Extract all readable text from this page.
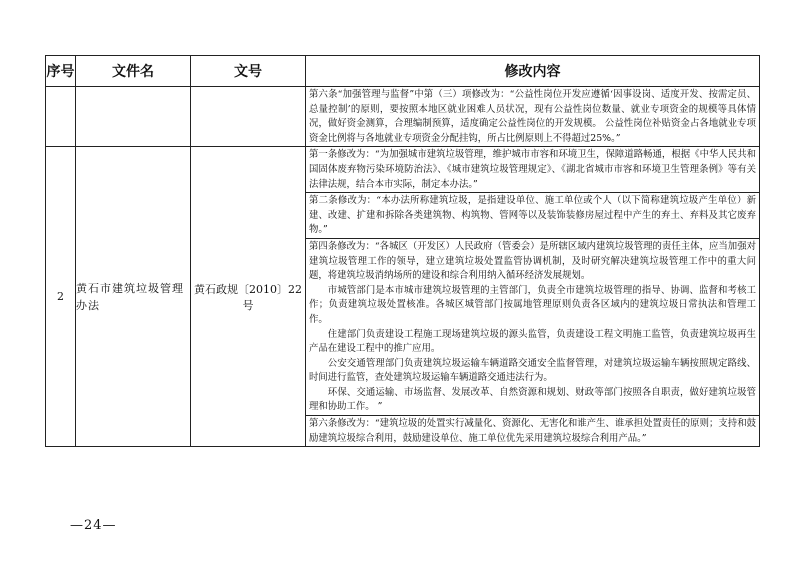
序号	文件名	文号	修改内容

			第六条“加强管理与监督”中第（三）项修改为：“公益性岗位开发应遵循‘因事设岗、适度开发、按需定员、总量控制’的原则，要按照本地区就业困难人员状况，现有公益性岗位数量、就业专项资金的规模等具体情况，做好资金测算，合理编制预算，适度确定公益性岗位的开发规模。 公益性岗位补贴资金占各地就业专项资金比例将与各地就业专项资金分配挂钩，所占比例原则上不得超过25%。”

2	黄石市建筑垃圾管理办法	黄石政规〔2010〕22号	第一条修改为：“为加强城市建筑垃圾管理，维护城市市容和环境卫生，保障道路畅通，根据《中华人民共和国固体废弃物污染环境防治法》、《城市建筑垃圾管理规定》、《湖北省城市市容和环境卫生管理条例》等有关法律法规，结合本市实际，制定本办法。”

			第二条修改为：“本办法所称建筑垃圾，是指建设单位、施工单位或个人（以下简称建筑垃圾产生单位）新建、改建、扩建和拆除各类建筑物、构筑物、管网等以及装饰装修房屋过程中产生的弃土、弃料及其它废弃物。”

			第四条修改为：“各城区（开发区）人民政府（管委会）是所辖区域内建筑垃圾管理的责任主体，应当加强对建筑垃圾管理工作的领导，建立建筑垃圾处置监管协调机制，及时研究解决建筑垃圾管理工作中的重大问题，将建筑垃圾消纳场所的建设和综合利用纳入循环经济发展规划。

市城管部门是本市城市建筑垃圾管理的主管部门，负责全市建筑垃圾管理的指导、协调、监督和考核工作；负责建筑垃圾处置核准。各城区城管部门按属地管理原则负责各区域内的建筑垃圾日常执法和管理工作。

住建部门负责建设工程施工现场建筑垃圾的源头监管，负责建设工程文明施工监管，负责建筑垃圾再生产品在建设工程中的推广应用。

公安交通管理部门负责建筑垃圾运输车辆道路交通安全监督管理，对建筑垃圾运输车辆按照规定路线、时间进行监管，查处建筑垃圾运输车辆道路交通违法行为。

环保、交通运输、市场监督、发展改革、自然资源和规划、财政等部门按照各自职责，做好建筑垃圾管理和协助工作。 ”

			第六条修改为：“建筑垃圾的处置实行减量化、资源化、无害化和谁产生、谁承担处置责任的原则；支持和鼓励建筑垃圾综合利用，鼓励建设单位、施工单位优先采用建筑垃圾综合利用产品。”

—24—
